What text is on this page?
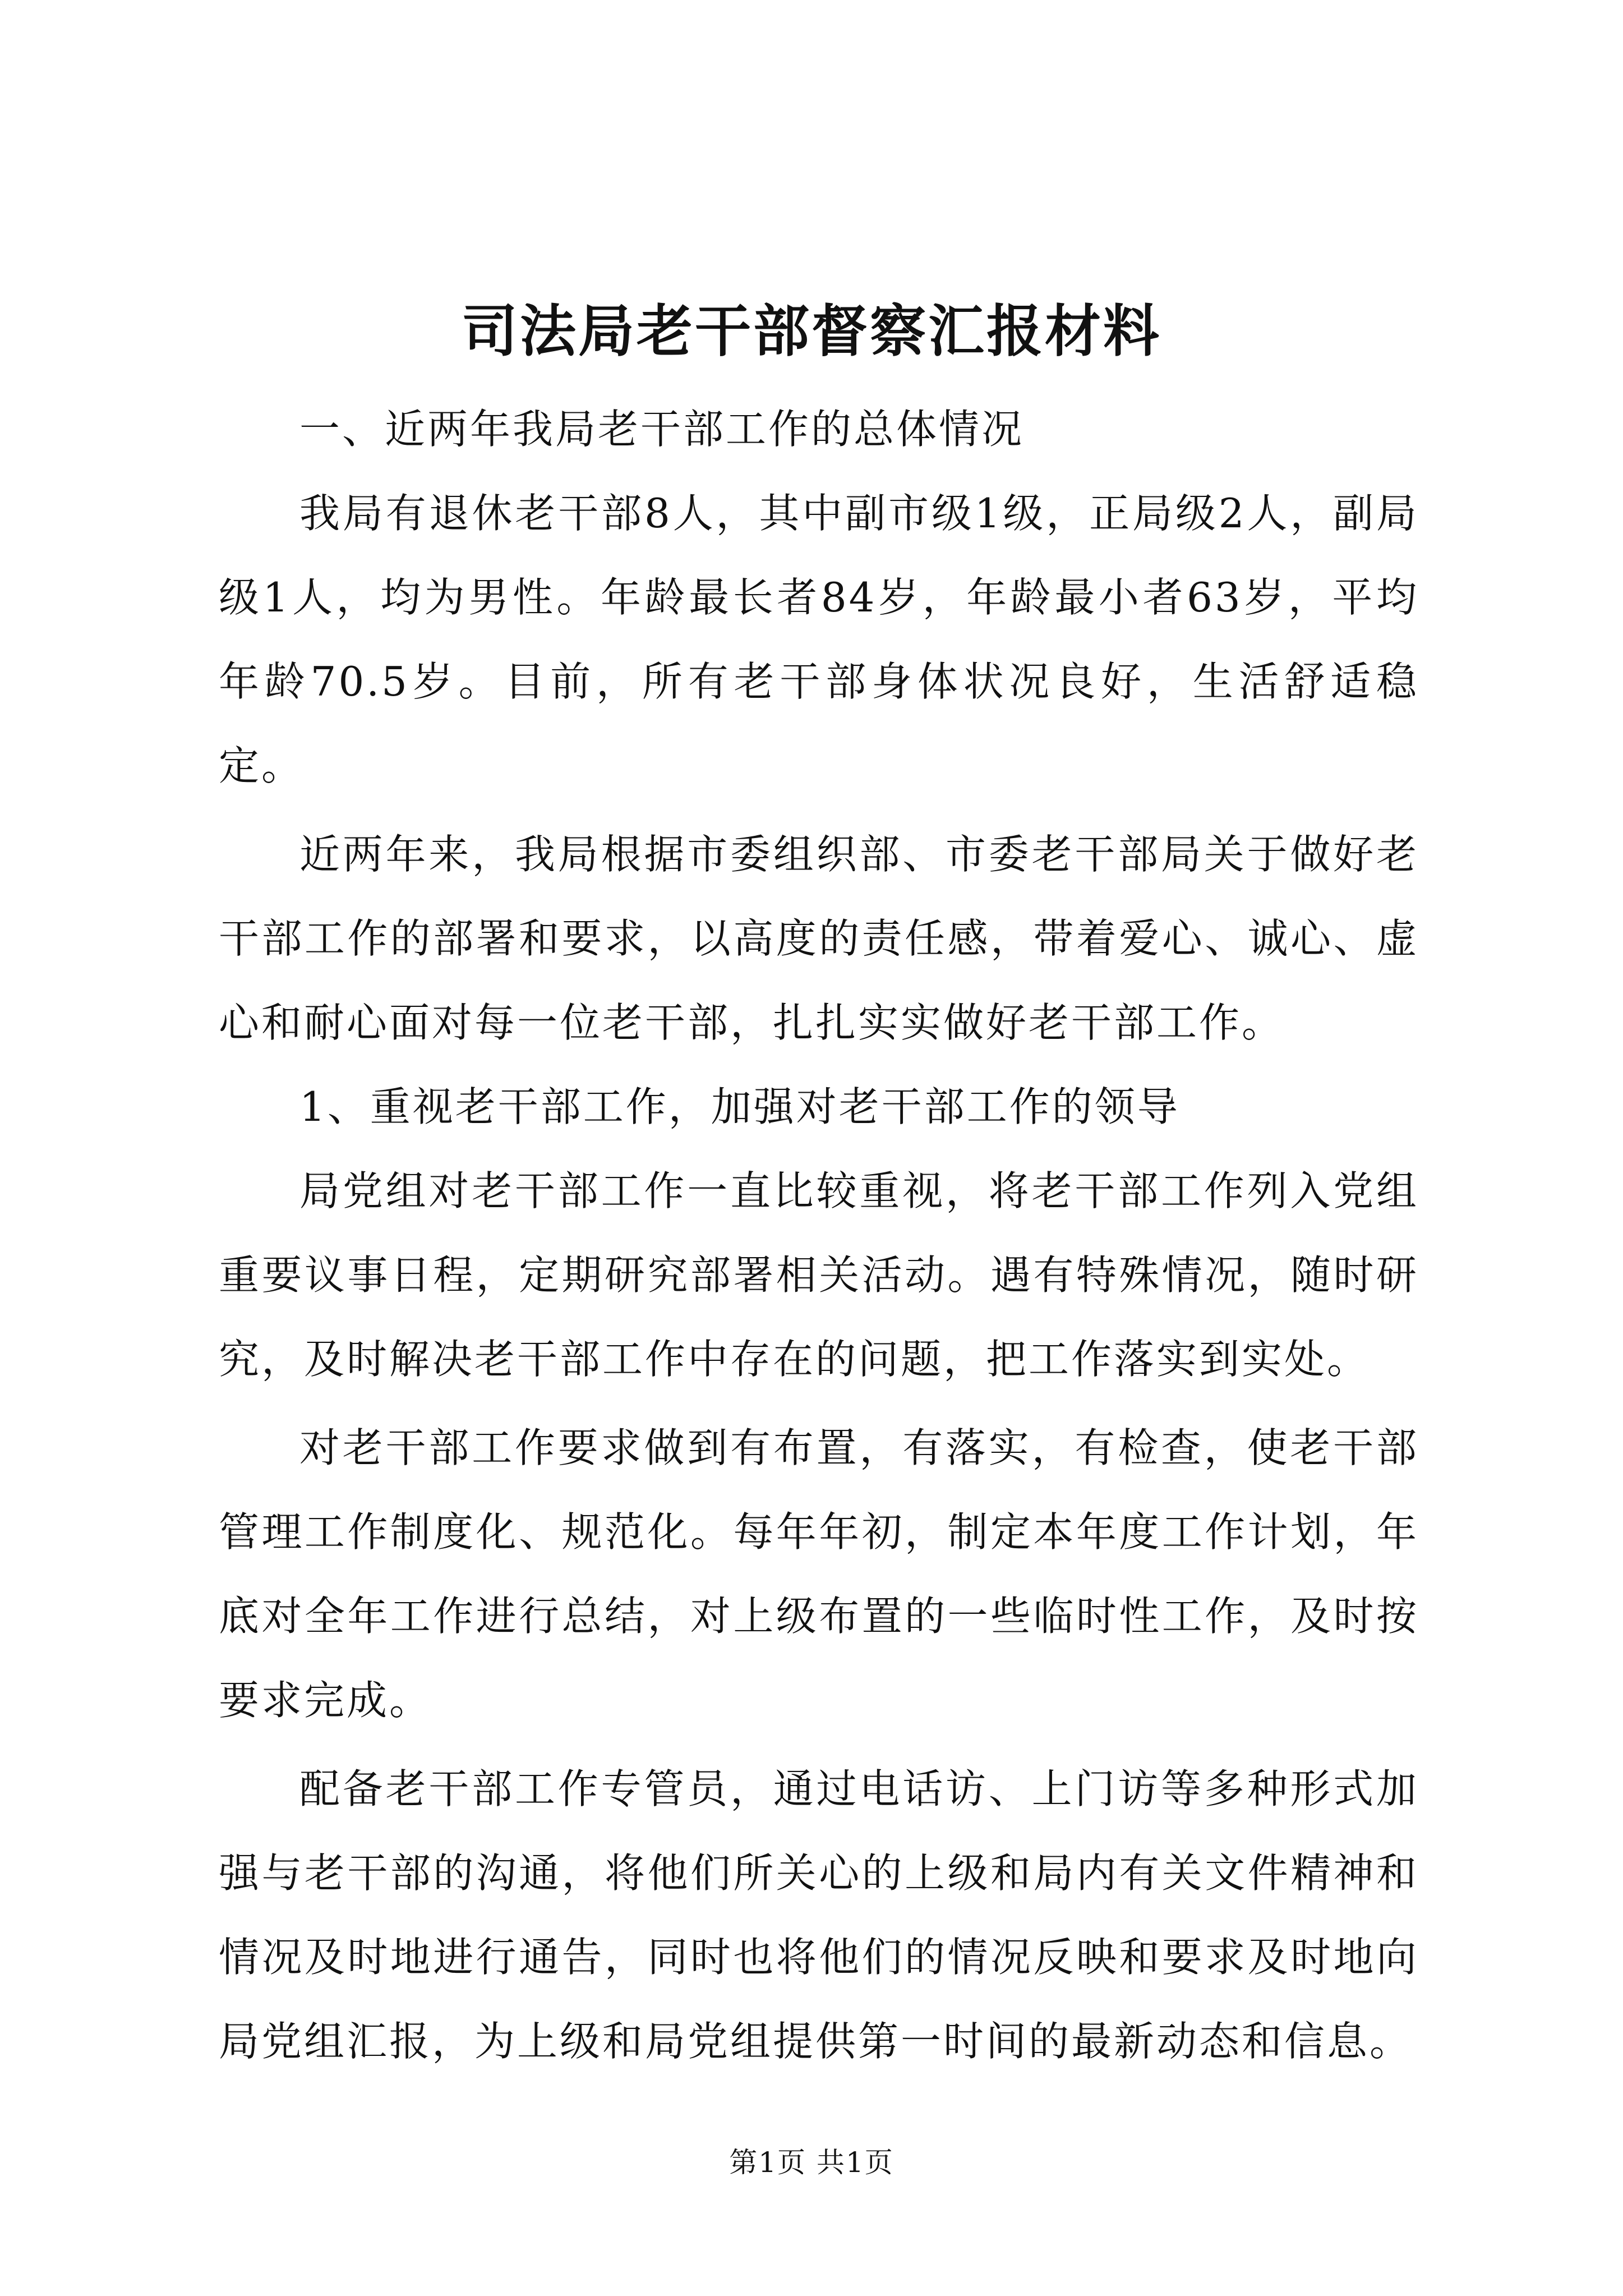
司法局老干部督察汇报材料

一、近两年我局老干部工作的总体情况

我局有退休老干部8人，其中副市级1级，正局级2人，副局级1人，均为男性。年龄最长者84岁，年龄最小者63岁，平均年龄70.5岁。目前，所有老干部身体状况良好，生活舒适稳定。

近两年来，我局根据市委组织部、市委老干部局关于做好老干部工作的部署和要求，以高度的责任感，带着爱心、诚心、虚心和耐心面对每一位老干部，扎扎实实做好老干部工作。

1、重视老干部工作，加强对老干部工作的领导

局党组对老干部工作一直比较重视，将老干部工作列入党组重要议事日程，定期研究部署相关活动。遇有特殊情况，随时研究，及时解决老干部工作中存在的问题，把工作落实到实处。

对老干部工作要求做到有布置，有落实，有检查，使老干部管理工作制度化、规范化。每年年初，制定本年度工作计划，年底对全年工作进行总结，对上级布置的一些临时性工作，及时按要求完成。

配备老干部工作专管员，通过电话访、上门访等多种形式加强与老干部的沟通，将他们所关心的上级和局内有关文件精神和情况及时地进行通告，同时也将他们的情况反映和要求及时地向局党组汇报，为上级和局党组提供第一时间的最新动态和信息。

第1页 共1页
